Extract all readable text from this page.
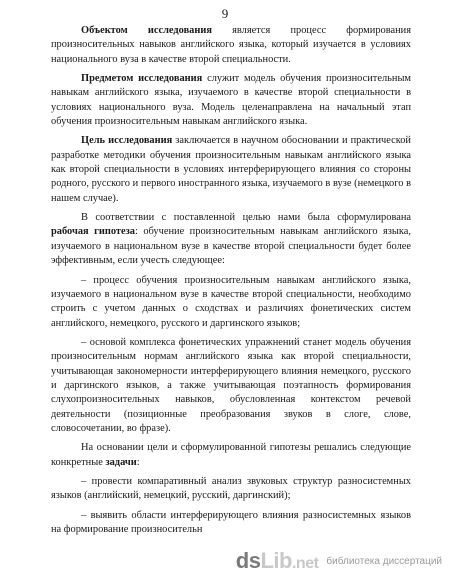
9

Объектом исследования является процесс формирования произносительных навыков английского языка, который изучается в условиях национального вуза в качестве второй специальности.

Предметом исследования служит модель обучения произносительным навыкам английского языка, изучаемого в качестве второй специальности в условиях национального вуза. Модель целенаправлена на начальный этап обучения произносительным навыкам английского языка.

Цель исследования заключается в научном обосновании и практической разработке методики обучения произносительным навыкам английского языка как второй специальности в условиях интерферирующего влияния со стороны родного, русского и первого иностранного языка, изучаемого в вузе (немецкого в нашем случае).

В соответствии с поставленной целью нами была сформулирована рабочая гипотеза: обучение произносительным навыкам английского языка, изучаемого в национальном вузе в качестве второй специальности будет более эффективным, если учесть следующее:

– процесс обучения произносительным навыкам английского языка, изучаемого в национальном вузе в качестве второй специальности, необходимо строить с учетом данных о сходствах и различиях фонетических систем английского, немецкого, русского и даргинского языков;

– основой комплекса фонетических упражнений станет модель обучения произносительным нормам английского языка как второй специальности, учитывающая закономерности интерферирующего влияния немецкого, русского и даргинского языков, а также учитывающая поэтапность формирования слухопроизносительных навыков, обусловленная контекстом речевой деятельности (позиционные преобразования звуков в слоге, слове, словосочетании, во фразе).

На основании цели и сформулированной гипотезы решались следующие конкретные задачи:

– провести компаративный анализ звуковых структур разносистемных языков (английский, немецкий, русский, даргинский);

– выявить области интерферирующего влияния разносистемных языков на формирование произносительн

ds Lib .net библиотека диссертаций
